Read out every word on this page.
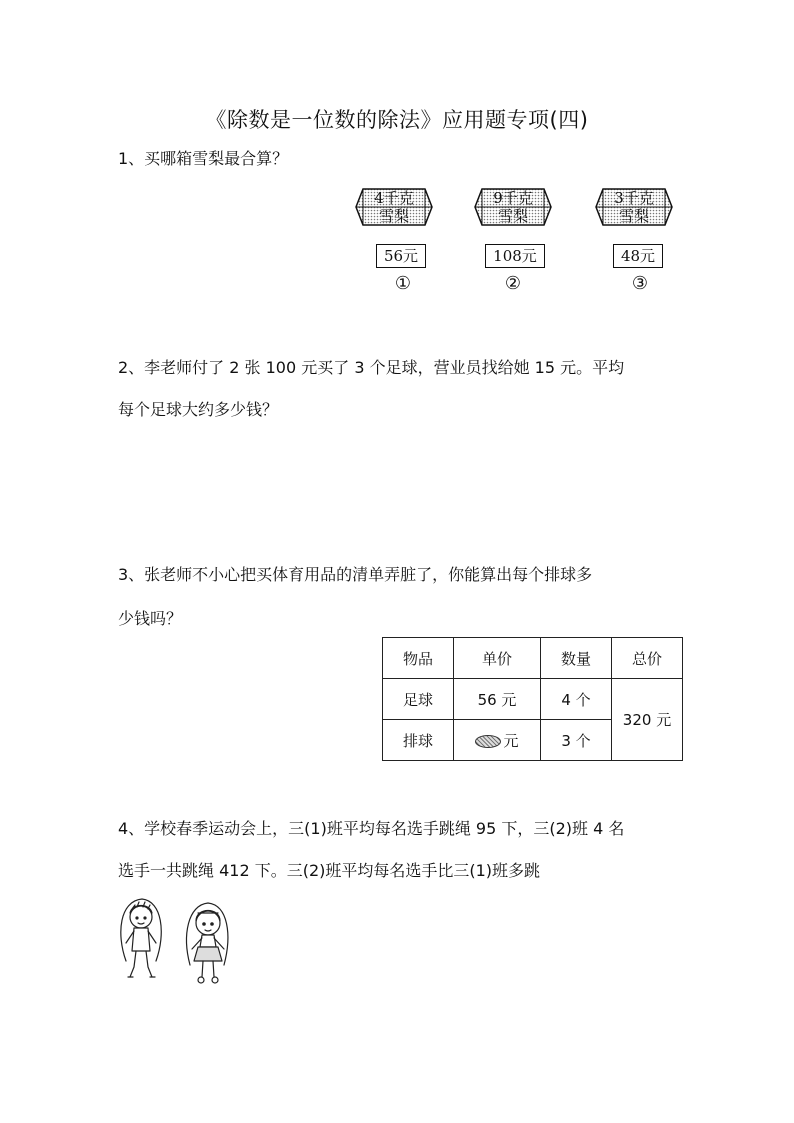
《除数是一位数的除法》应用题专项(四)
1、买哪箱雪梨最合算？
4千克
雪梨
56元
①
9千克
雪梨
108元
②
3千克
雪梨
48元
③
2、李老师付了 2 张 100 元买了 3 个足球，营业员找给她 15 元。平均
每个足球大约多少钱？
3、张老师不小心把买体育用品的清单弄脏了，你能算出每个排球多
少钱吗？
物品	单价	数量	总价
足球	56 元	4 个	320 元
排球	元	3 个	
4、学校春季运动会上，三(1)班平均每名选手跳绳 95 下，三(2)班 4 名
选手一共跳绳 412 下。三(2)班平均每名选手比三(1)班多跳
